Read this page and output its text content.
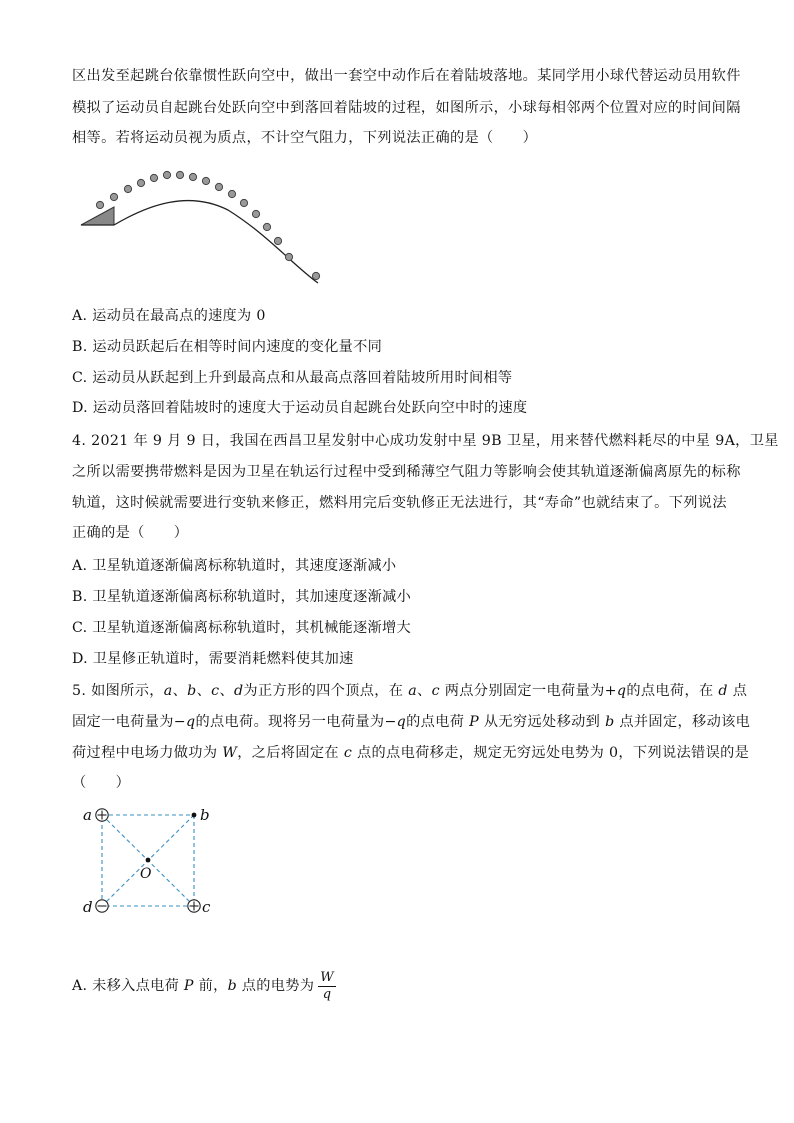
区出发至起跳台依靠惯性跃向空中，做出一套空中动作后在着陆坡落地。某同学用小球代替运动员用软件
模拟了运动员自起跳台处跃向空中到落回着陆坡的过程，如图所示，小球每相邻两个位置对应的时间间隔
相等。若将运动员视为质点，不计空气阻力，下列说法正确的是（　　）
A. 运动员在最高点的速度为 0
B. 运动员跃起后在相等时间内速度的变化量不同
C. 运动员从跃起到上升到最高点和从最高点落回着陆坡所用时间相等
D. 运动员落回着陆坡时的速度大于运动员自起跳台处跃向空中时的速度
4. 2021 年 9 月 9 日，我国在西昌卫星发射中心成功发射中星 9B 卫星，用来替代燃料耗尽的中星 9A，卫星
之所以需要携带燃料是因为卫星在轨运行过程中受到稀薄空气阻力等影响会使其轨道逐渐偏离原先的标称
轨道，这时候就需要进行变轨来修正，燃料用完后变轨修正无法进行，其“寿命”也就结束了。下列说法
正确的是（　　）
A. 卫星轨道逐渐偏离标称轨道时，其速度逐渐减小
B. 卫星轨道逐渐偏离标称轨道时，其加速度逐渐减小
C. 卫星轨道逐渐偏离标称轨道时，其机械能逐渐增大
D. 卫星修正轨道时，需要消耗燃料使其加速
5. 如图所示，a、b、c、d为正方形的四个顶点，在 a、c 两点分别固定一电荷量为+q的点电荷，在 d 点
固定一电荷量为−q的点电荷。现将另一电荷量为−q的点电荷 P 从无穷远处移动到 b 点并固定，移动该电
荷过程中电场力做功为 W，之后将固定在 c 点的点电荷移走，规定无穷远处电势为 0，下列说法错误的是
（　　）
a	b
c
d
O
A. 未移入点电荷 P 前，b 点的电势为 $\frac{W}{q}$
